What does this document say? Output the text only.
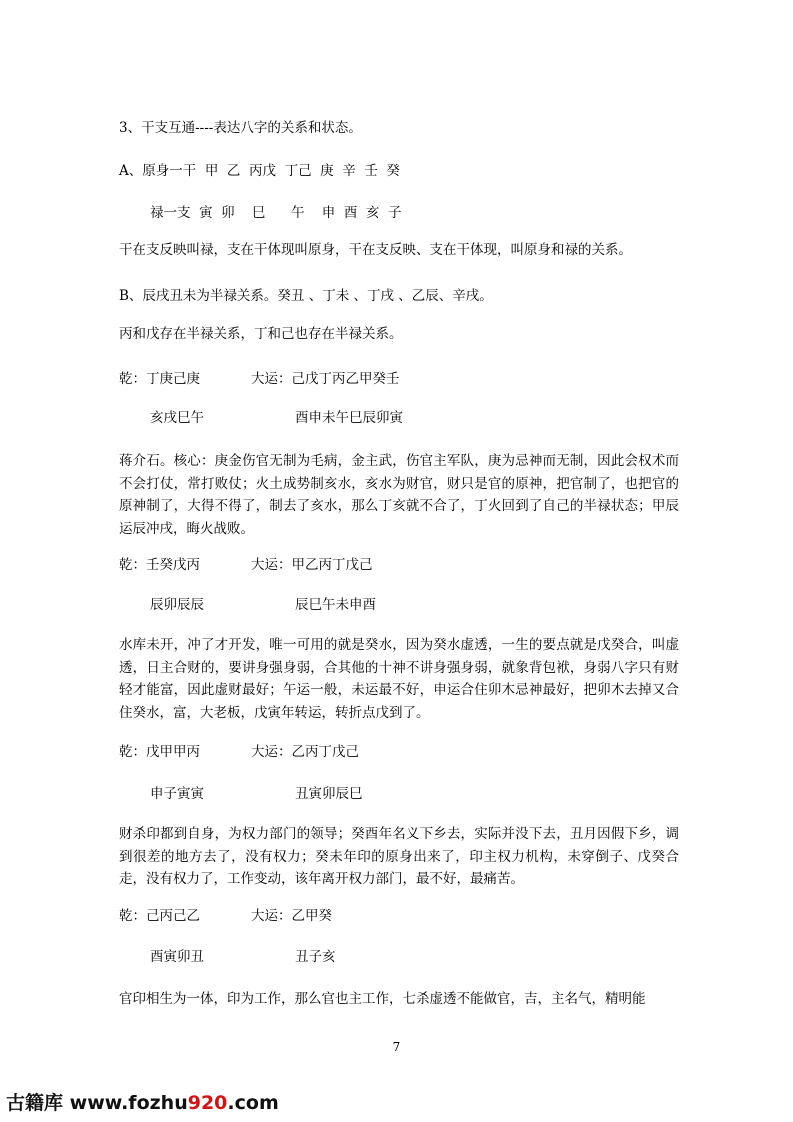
3、干支互通----表达八字的关系和状态。
A、原身一干  甲  乙  丙戊  丁己  庚  辛  壬  癸
禄一支  寅  卯    巳      午    申  酉  亥  子
干在支反映叫禄，支在干体现叫原身，干在支反映、支在干体现，叫原身和禄的关系。
B、辰戌丑未为半禄关系。癸丑 、丁未 、丁戌 、乙辰、辛戌。
丙和戊存在半禄关系，丁和己也存在半禄关系。
乾：丁庚己庚	大运：己戊丁丙乙甲癸壬
亥戌巳午	酉申未午巳辰卯寅
蒋介石。核心：庚金伤官无制为毛病，金主武，伤官主军队，庚为忌神而无制，因此会权术而不会打仗，常打败仗；火土成势制亥水，亥水为财官，财只是官的原神，把官制了，也把官的原神制了，大得不得了，制去了亥水，那么丁亥就不合了，丁火回到了自己的半禄状态；甲辰运辰冲戌，晦火战败。
乾：壬癸戊丙	大运：甲乙丙丁戊己
辰卯辰辰	辰巳午未申酉
水库未开，冲了才开发，唯一可用的就是癸水，因为癸水虚透，一生的要点就是戊癸合，叫虚透，日主合财的，要讲身强身弱，合其他的十神不讲身强身弱，就象背包袱，身弱八字只有财轻才能富，因此虚财最好；午运一般，未运最不好，申运合住卯木忌神最好，把卯木去掉又合住癸水，富，大老板，戊寅年转运，转折点戊到了。
乾：戊甲甲丙	大运：乙丙丁戊己
申子寅寅	丑寅卯辰巳
财杀印都到自身，为权力部门的领导；癸酉年名义下乡去，实际并没下去，丑月因假下乡，调到很差的地方去了，没有权力；癸未年印的原身出来了，印主权力机构，未穿倒子、戊癸合走，没有权力了，工作变动，该年离开权力部门，最不好，最痛苦。
乾：己丙己乙	大运：乙甲癸
酉寅卯丑	丑子亥
官印相生为一体，印为工作，那么官也主工作，七杀虚透不能做官，吉，主名气，精明能
7
古籍库 www.fozhu920.com
